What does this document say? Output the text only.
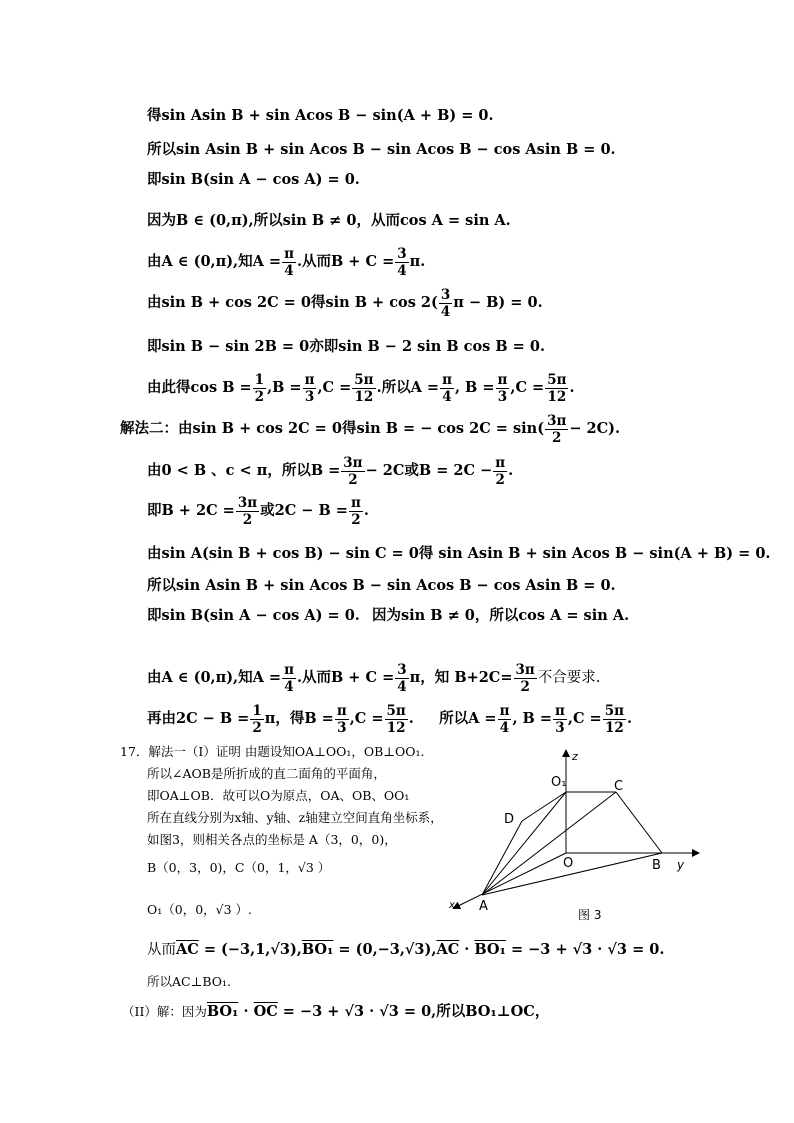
得sin Asin B + sin Acos B − sin(A + B) = 0.
所以sin Asin B + sin Acos B − sin Acos B − cos Asin B = 0.
即sin B(sin A − cos A) = 0.
因为B ∈ (0,π),所以sin B ≠ 0，从而cos A = sin A.
由A ∈ (0,π),知$A = \frac{\pi}{4}$ .从而$B + C = \frac{3}{4} \pi$.
由sin B + cos 2C = 0得$\sin B + \cos 2( \frac{3}{4}$ π − B) = 0.
即sin B − sin 2B = 0亦即sin B − 2 sin B cos B = 0.
由此得$\cos B = \frac{1}{2} ,B = \frac{\pi}{3} ,C = \frac{5\pi}{12}$ .所以$A = \frac{\pi}{4}$ , $B = \frac{\pi}{3} ,C = \frac{5\pi}{12}$ .
解法二：由sin B + cos 2C = 0得sin B = − $\cos 2C = \sin( \frac{3\pi}{2} - 2C)$.
由0 < B 、c < π，所以$B = \frac{3\pi}{2} - 2C$或$B = 2C - \frac{\pi}{2}$ .
即$B + 2C = \frac{3\pi}{2}$ 或$2C - B = \frac{\pi}{2}$ .
由sin A(sin B + cos B) − sin C = 0得 sin Asin B + sin Acos B − sin(A + B) = 0.
所以sin Asin B + sin Acos B − sin Acos B − cos Asin B = 0.
即sin B(sin A − cos A) = 0. 因为sin B ≠ 0，所以cos A = sin A.
由A ∈ (0,π),知$A = \frac{\pi}{4}$ .从而$B + C = \frac{3}{4}$ π，知 $B+2C= \frac{3\pi}{2}$ 不合要求.
再由$2C - B = \frac{1}{2}$ π，得$B = \frac{\pi}{3} ,C = \frac{5\pi}{12}$ . 所以$A = \frac{\pi}{4}$ , $B = \frac{\pi}{3} ,C = \frac{5\pi}{12}$ .
17．解法一（I）证明 由题设知OA⊥OO₁，OB⊥OO₁.
所以∠AOB是所折成的直二面角的平面角，
即OA⊥OB．故可以O为原点，OA、OB、OO₁
所在直线分别为x轴、y轴、z轴建立空间直角坐标系，
如图3，则相关各点的坐标是 A（3，0，0)，
B（0，3，0)，C（0，1，√3 ）
O₁（0，0，√3 ）.
从而$\overline{AC} = (-3,1,√3),BO_1 = (0,-3,√3),\overline{AC} \cdot BO_1 = -3 + √3 \cdot √3 = 0$.
所以AC⊥BO₁.
（II）解：因为$BO_1 \cdot \overline{OC} = -3 + √3 \cdot √3 = 0$,所以BO₁⊥OC，
z
y
x
O₁	C
D
O	B
A
图 3
